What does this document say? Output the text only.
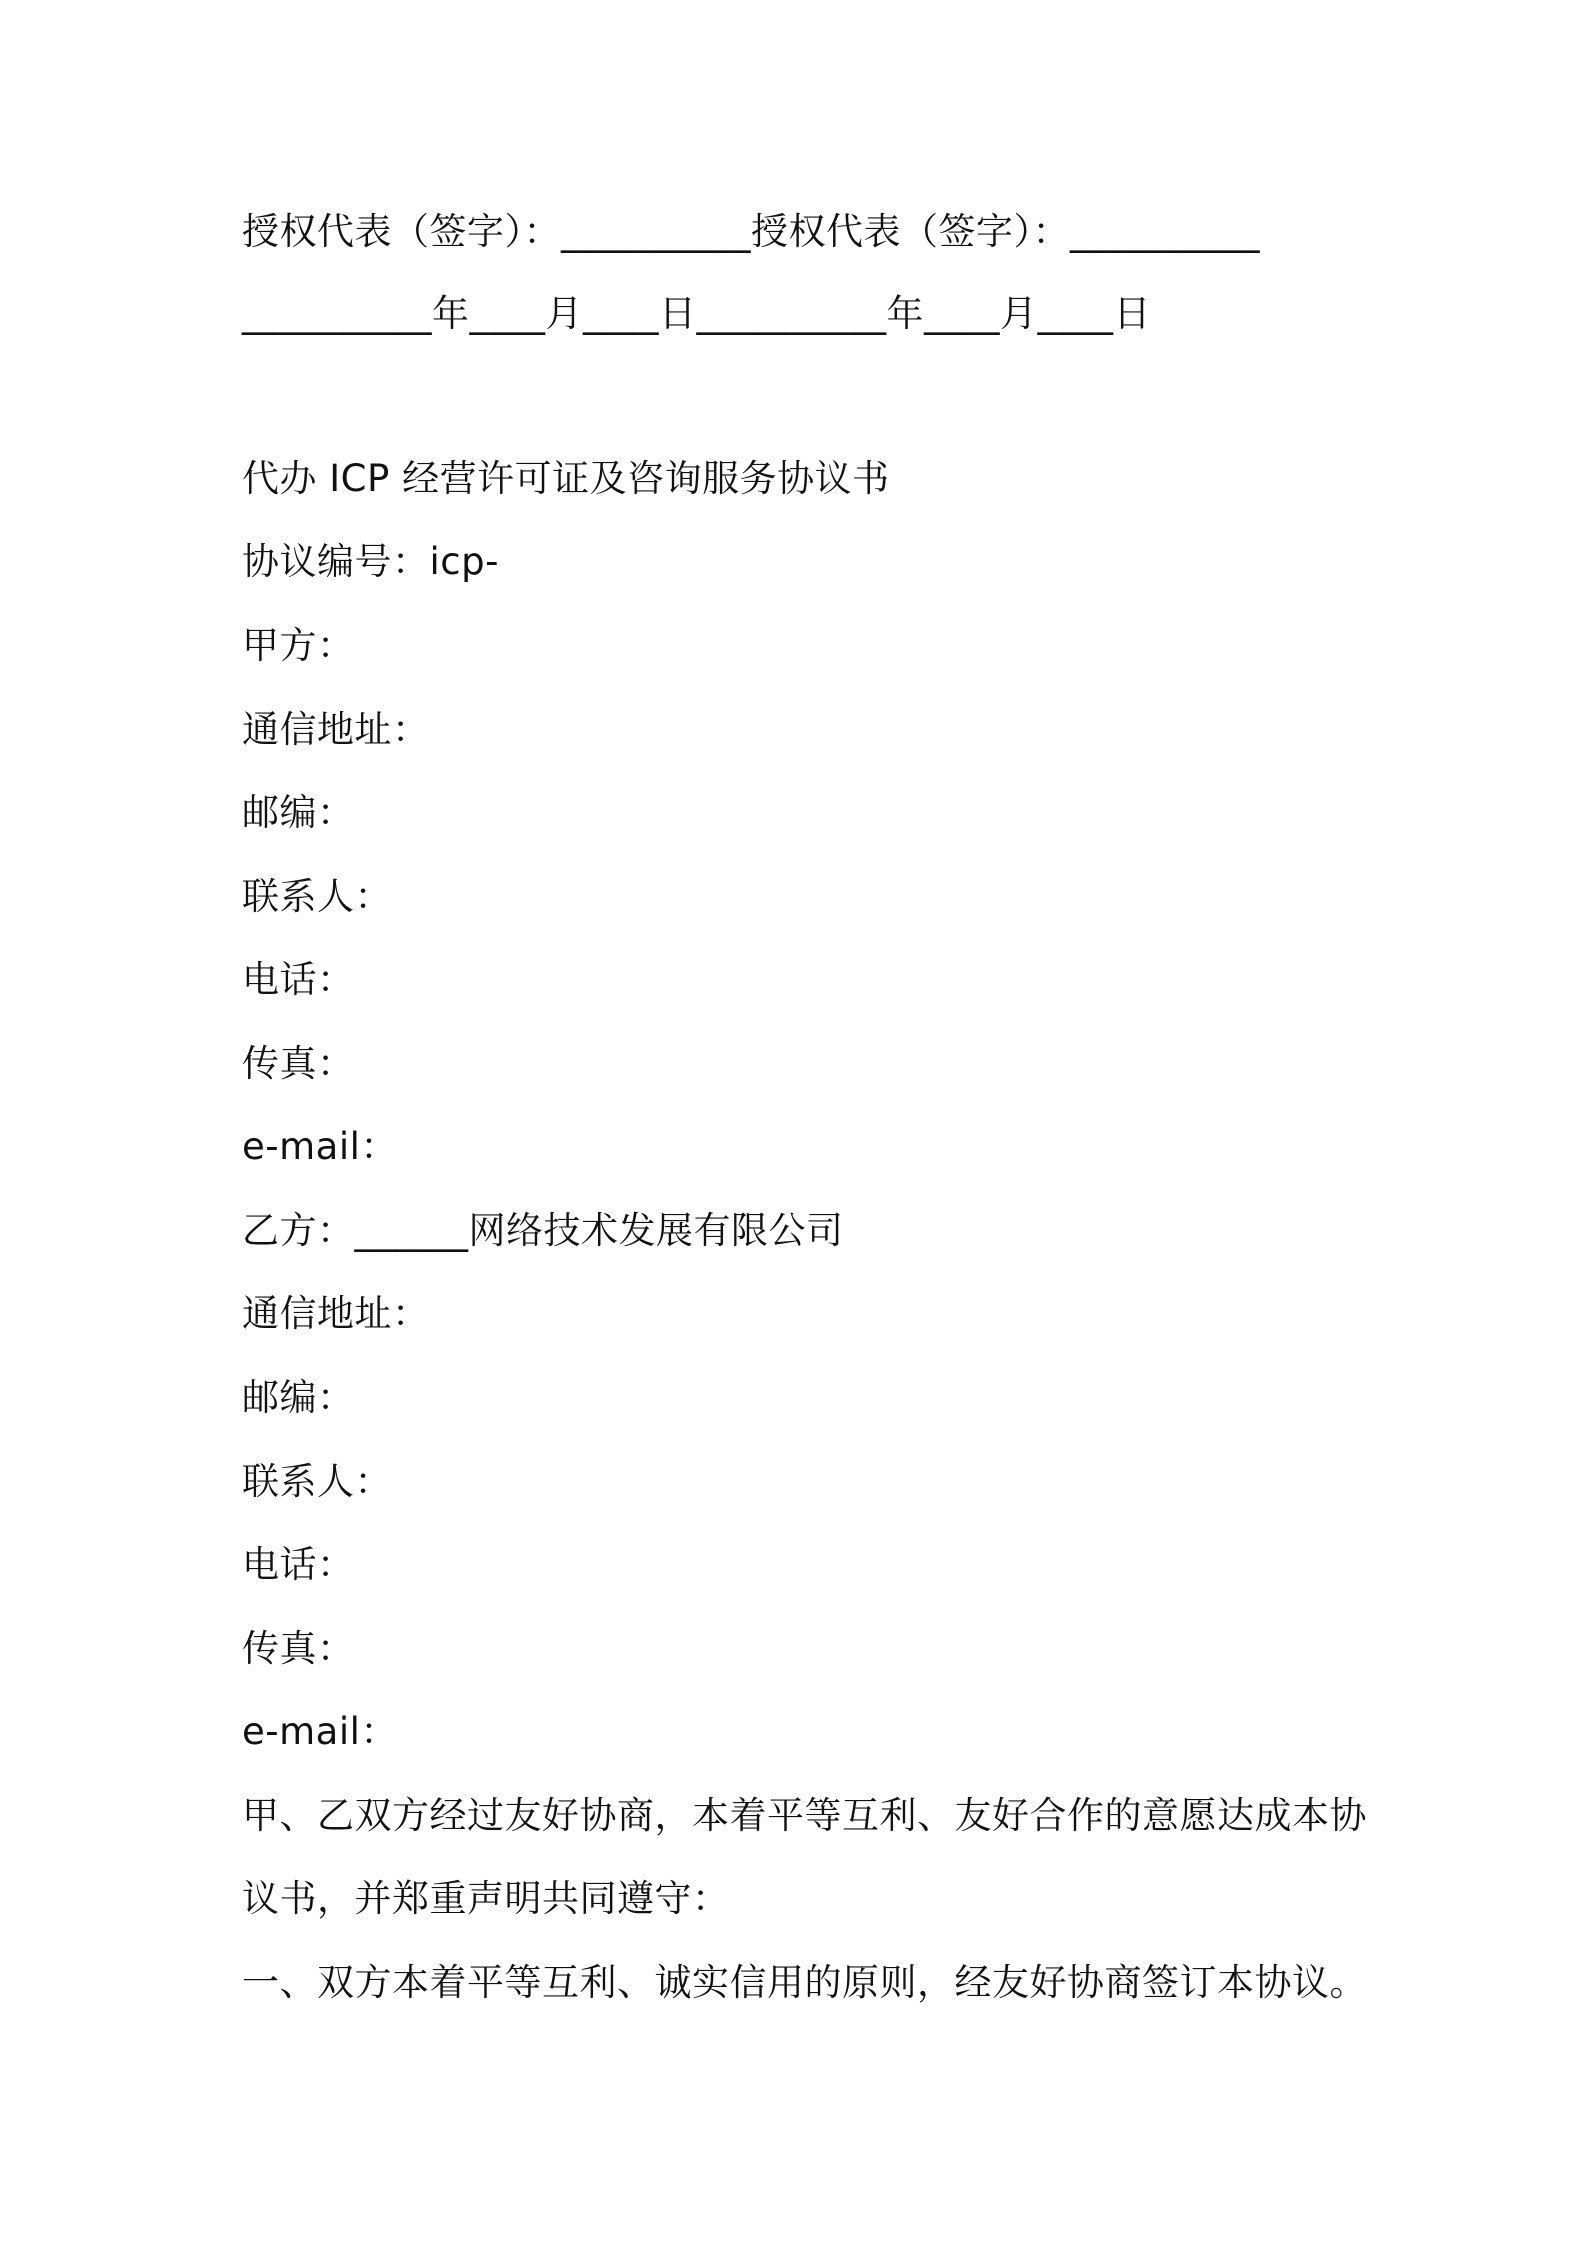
授权代表（签字）：__________授权代表（签字）：__________
__________年____月____日__________年____月____日
代办 ICP 经营许可证及咨询服务协议书
协议编号：icp-
甲方：
通信地址：
邮编：
联系人：
电话：
传真：
e-mail：
乙方：______网络技术发展有限公司
通信地址：
邮编：
联系人：
电话：
传真：
e-mail：
甲、乙双方经过友好协商，本着平等互利、友好合作的意愿达成本协
议书，并郑重声明共同遵守：
一、双方本着平等互利、诚实信用的原则，经友好协商签订本协议。
